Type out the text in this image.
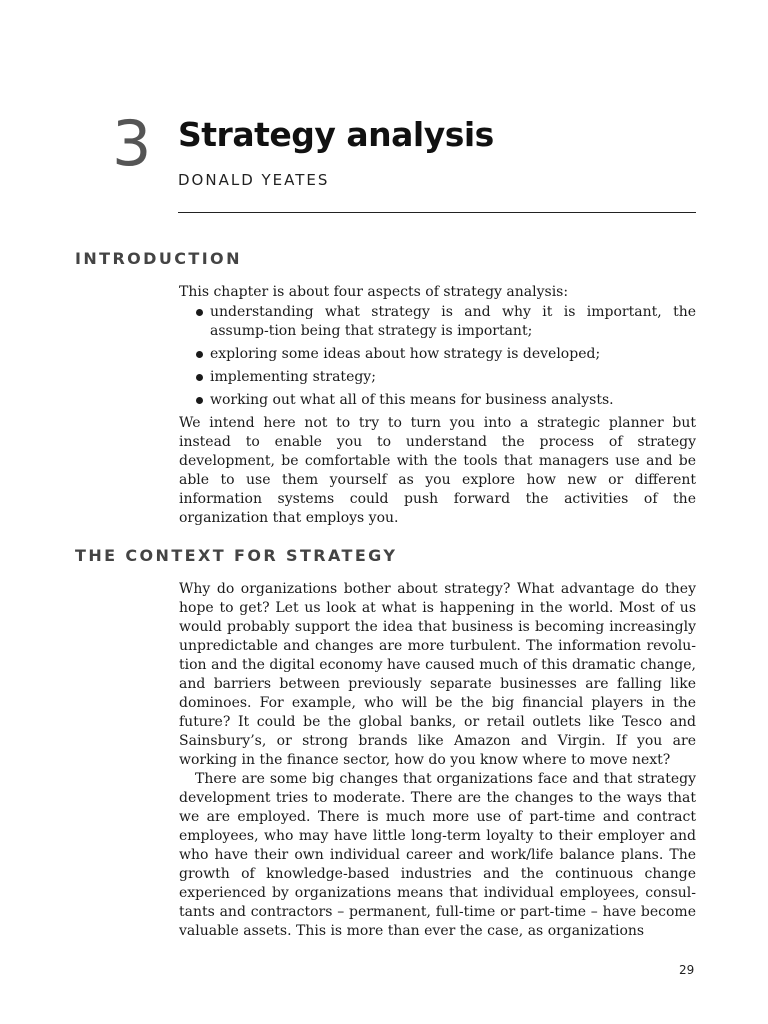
3 Strategy analysis
DONALD YEATES
INTRODUCTION

This chapter is about four aspects of strategy analysis:

understanding what strategy is and why it is important, the assump-tion being that strategy is important;
exploring some ideas about how strategy is developed;
implementing strategy;
working out what all of this means for business analysts.

We intend here not to try to turn you into a strategic planner but instead to enable you to understand the process of strategy development, be comfortable with the tools that managers use and be able to use them yourself as you explore how new or different information systems could push forward the activities of the organization that employs you.

THE CONTEXT FOR STRATEGY

Why do organizations bother about strategy? What advantage do they hope to get? Let us look at what is happening in the world. Most of us would probably support the idea that business is becoming increasingly unpredictable and changes are more turbulent. The information revolu-tion and the digital economy have caused much of this dramatic change, and barriers between previously separate businesses are falling like dominoes. For example, who will be the big financial players in the future? It could be the global banks, or retail outlets like Tesco and Sainsbury’s, or strong brands like Amazon and Virgin. If you are working in the finance sector, how do you know where to move next?

There are some big changes that organizations face and that strategy development tries to moderate. There are the changes to the ways that we are employed. There is much more use of part-time and contract employees, who may have little long-term loyalty to their employer and who have their own individual career and work/life balance plans. The growth of knowledge-based industries and the continuous change experienced by organizations means that individual employees, consul-tants and contractors – permanent, full-time or part-time – have become valuable assets. This is more than ever the case, as organizations

29
